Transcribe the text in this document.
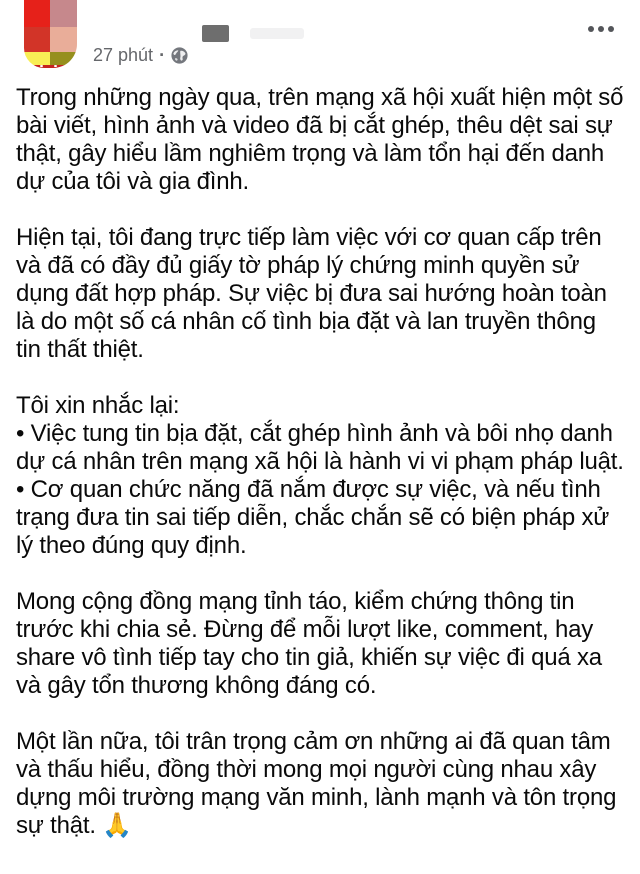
27 phút ·

Trong những ngày qua, trên mạng xã hội xuất hiện một số bài viết, hình ảnh và video đã bị cắt ghép, thêu dệt sai sự thật, gây hiểu lầm nghiêm trọng và làm tổn hại đến danh dự của tôi và gia đình.

Hiện tại, tôi đang trực tiếp làm việc với cơ quan cấp trên và đã có đầy đủ giấy tờ pháp lý chứng minh quyền sử dụng đất hợp pháp. Sự việc bị đưa sai hướng hoàn toàn là do một số cá nhân cố tình bịa đặt và lan truyền thông tin thất thiệt.

Tôi xin nhắc lại:

• Việc tung tin bịa đặt, cắt ghép hình ảnh và bôi nhọ danh dự cá nhân trên mạng xã hội là hành vi vi phạm pháp luật.

• Cơ quan chức năng đã nắm được sự việc, và nếu tình trạng đưa tin sai tiếp diễn, chắc chắn sẽ có biện pháp xử lý theo đúng quy định.

Mong cộng đồng mạng tỉnh táo, kiểm chứng thông tin trước khi chia sẻ. Đừng để mỗi lượt like, comment, hay share vô tình tiếp tay cho tin giả, khiến sự việc đi quá xa và gây tổn thương không đáng có.

Một lần nữa, tôi trân trọng cảm ơn những ai đã quan tâm và thấu hiểu, đồng thời mong mọi người cùng nhau xây dựng môi trường mạng văn minh, lành mạnh và tôn trọng sự thật. 🙏
